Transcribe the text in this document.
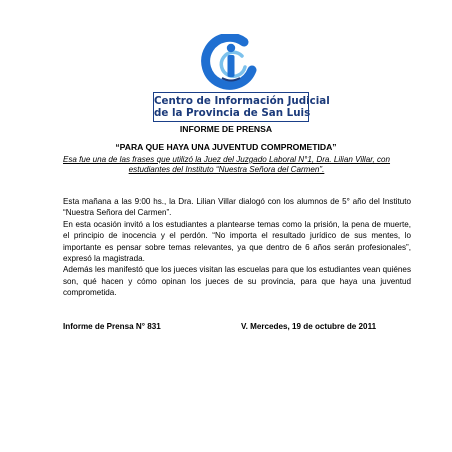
Centro de Información Judicial
de la Provincia de San Luis
INFORME DE PRENSA
“PARA QUE HAYA UNA JUVENTUD COMPROMETIDA”
Esa fue una de las frases que utilizó la Juez del Juzgado Laboral N°1, Dra. Lilian Villar, con estudiantes del Instituto “Nuestra Señora del Carmen”.

Esta mañana a las 9:00 hs., la Dra. Lilian Villar dialogó con los alumnos de 5° año del Instituto “Nuestra Señora del Carmen”.

En esta ocasión invitó a los estudiantes a plantearse temas como la prisión, la pena de muerte, el principio de inocencia y el perdón. “No importa el resultado jurídico de sus mentes, lo importante es pensar sobre temas relevantes, ya que dentro de 6 años serán profesionales”, expresó la magistrada.

Además les manifestó que los jueces visitan las escuelas para que los estudiantes vean quiénes son, qué hacen y cómo opinan los jueces de su provincia, para que haya una juventud comprometida.

Informe de Prensa N° 831	V. Mercedes, 19 de octubre de 2011
